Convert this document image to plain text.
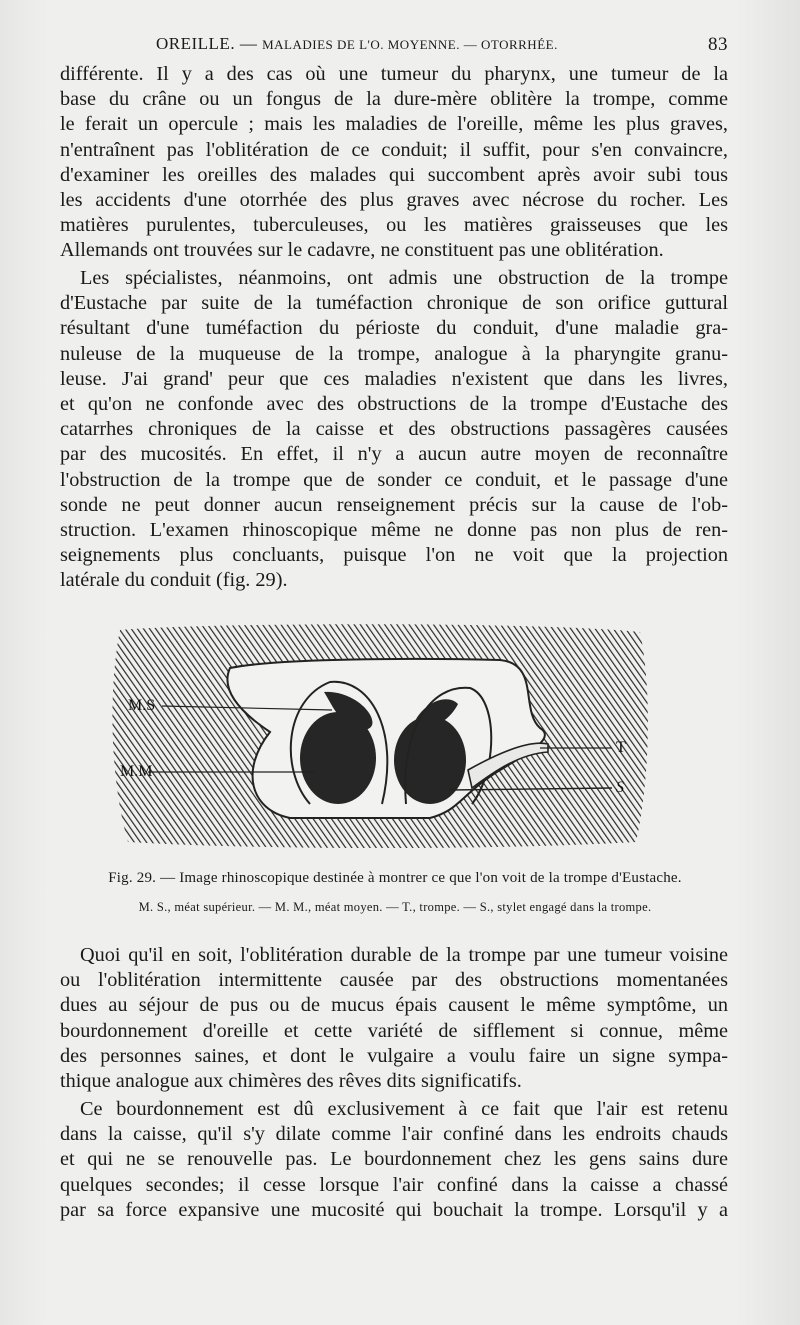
OREILLE. — MALADIES DE L'O. MOYENNE. — OTORRHÉE.	83
différente. Il y a des cas où une tumeur du pharynx, une tumeur de la
base du crâne ou un fongus de la dure-mère oblitère la trompe, comme
le ferait un opercule ; mais les maladies de l'oreille, même les plus graves,
n'entraînent pas l'oblitération de ce conduit; il suffit, pour s'en convaincre,
d'examiner les oreilles des malades qui succombent après avoir subi tous
les accidents d'une otorrhée des plus graves avec nécrose du rocher. Les
matières purulentes, tuberculeuses, ou les matières graisseuses que les
Allemands ont trouvées sur le cadavre, ne constituent pas une oblitération.
Les spécialistes, néanmoins, ont admis une obstruction de la trompe
d'Eustache par suite de la tuméfaction chronique de son orifice guttural
résultant d'une tuméfaction du périoste du conduit, d'une maladie gra-
nuleuse de la muqueuse de la trompe, analogue à la pharyngite granu-
leuse. J'ai grand' peur que ces maladies n'existent que dans les livres,
et qu'on ne confonde avec des obstructions de la trompe d'Eustache des
catarrhes chroniques de la caisse et des obstructions passagères causées
par des mucosités. En effet, il n'y a aucun autre moyen de reconnaître
l'obstruction de la trompe que de sonder ce conduit, et le passage d'une
sonde ne peut donner aucun renseignement précis sur la cause de l'ob-
struction. L'examen rhinoscopique même ne donne pas non plus de ren-
seignements plus concluants, puisque l'on ne voit que la projection
latérale du conduit (fig. 29).
M.S
M.M
T
S
Fig. 29. — Image rhinoscopique destinée à montrer ce que l'on voit de la trompe d'Eustache.
M. S., méat supérieur. — M. M., méat moyen. — T., trompe. — S., stylet engagé dans la trompe.
Quoi qu'il en soit, l'oblitération durable de la trompe par une tumeur voisine
ou l'oblitération intermittente causée par des obstructions momentanées
dues au séjour de pus ou de mucus épais causent le même symptôme, un
bourdonnement d'oreille et cette variété de sifflement si connue, même
des personnes saines, et dont le vulgaire a voulu faire un signe sympa-
thique analogue aux chimères des rêves dits significatifs.
Ce bourdonnement est dû exclusivement à ce fait que l'air est retenu
dans la caisse, qu'il s'y dilate comme l'air confiné dans les endroits chauds
et qui ne se renouvelle pas. Le bourdonnement chez les gens sains dure
quelques secondes; il cesse lorsque l'air confiné dans la caisse a chassé
par sa force expansive une mucosité qui bouchait la trompe. Lorsqu'il y a
